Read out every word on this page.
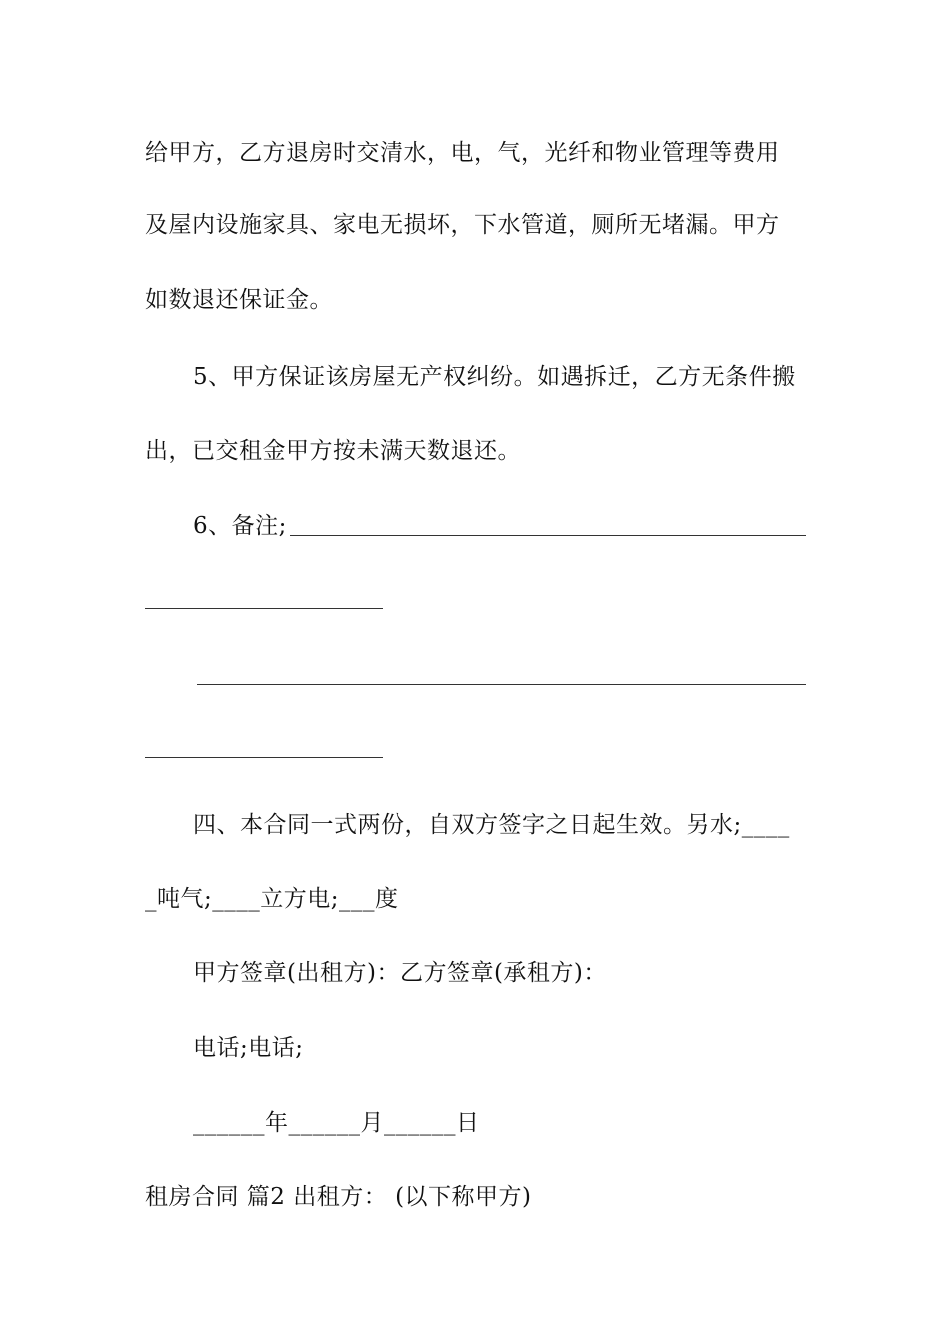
给甲方，乙方退房时交清水，电，气，光纤和物业管理等费用
及屋内设施家具、家电无损坏，下水管道，厕所无堵漏。甲方
如数退还保证金。
5、甲方保证该房屋无产权纠纷。如遇拆迁，乙方无条件搬
出，已交租金甲方按未满天数退还。
6、备注;
四、本合同一式两份，自双方签字之日起生效。另水;____
_吨气;____立方电;___度
甲方签章(出租方)：乙方签章(承租方)：
电话;电话;
______年______月______日
租房合同 篇2 出租方： (以下称甲方)
